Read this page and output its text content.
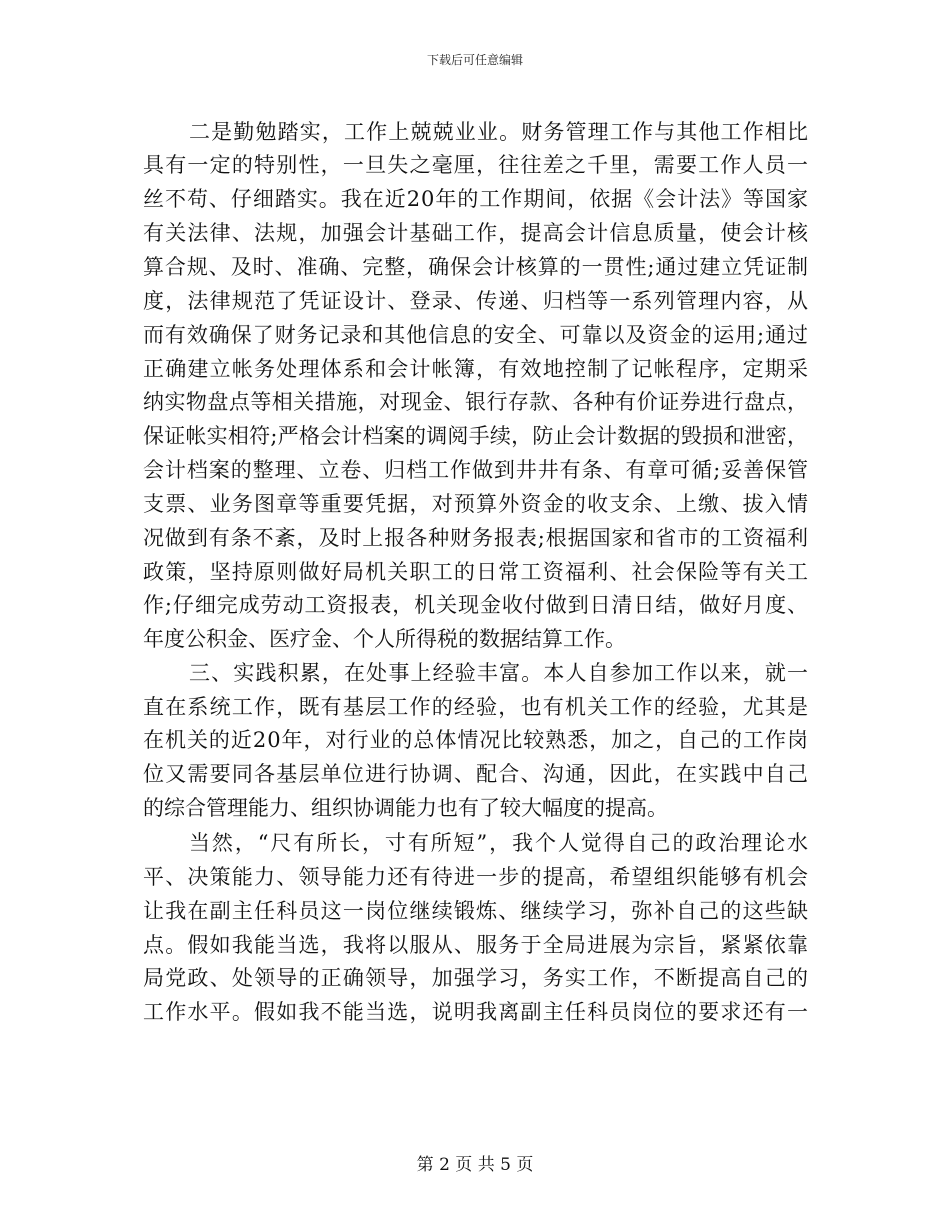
下载后可任意编辑
二是勤勉踏实，工作上兢兢业业。财务管理工作与其他工作相比
具有一定的特别性，一旦失之毫厘，往往差之千里，需要工作人员一
丝不苟、仔细踏实。我在近20年的工作期间，依据《会计法》等国家
有关法律、法规，加强会计基础工作，提高会计信息质量，使会计核
算合规、及时、准确、完整，确保会计核算的一贯性;通过建立凭证制
度，法律规范了凭证设计、登录、传递、归档等一系列管理内容，从
而有效确保了财务记录和其他信息的安全、可靠以及资金的运用;通过
正确建立帐务处理体系和会计帐簿，有效地控制了记帐程序，定期采
纳实物盘点等相关措施，对现金、银行存款、各种有价证券进行盘点，
保证帐实相符;严格会计档案的调阅手续，防止会计数据的毁损和泄密，
会计档案的整理、立卷、归档工作做到井井有条、有章可循;妥善保管
支票、业务图章等重要凭据，对预算外资金的收支余、上缴、拔入情
况做到有条不紊，及时上报各种财务报表;根据国家和省市的工资福利
政策，坚持原则做好局机关职工的日常工资福利、社会保险等有关工
作;仔细完成劳动工资报表，机关现金收付做到日清日结，做好月度、
年度公积金、医疗金、个人所得税的数据结算工作。
三、实践积累，在处事上经验丰富。本人自参加工作以来，就一
直在系统工作，既有基层工作的经验，也有机关工作的经验，尤其是
在机关的近20年，对行业的总体情况比较熟悉，加之，自己的工作岗
位又需要同各基层单位进行协调、配合、沟通，因此，在实践中自己
的综合管理能力、组织协调能力也有了较大幅度的提高。
当然，“尺有所长，寸有所短”，我个人觉得自己的政治理论水
平、决策能力、领导能力还有待进一步的提高，希望组织能够有机会
让我在副主任科员这一岗位继续锻炼、继续学习，弥补自己的这些缺
点。假如我能当选，我将以服从、服务于全局进展为宗旨，紧紧依靠
局党政、处领导的正确领导，加强学习，务实工作，不断提高自己的
工作水平。假如我不能当选，说明我离副主任科员岗位的要求还有一
第 2 页 共 5 页
